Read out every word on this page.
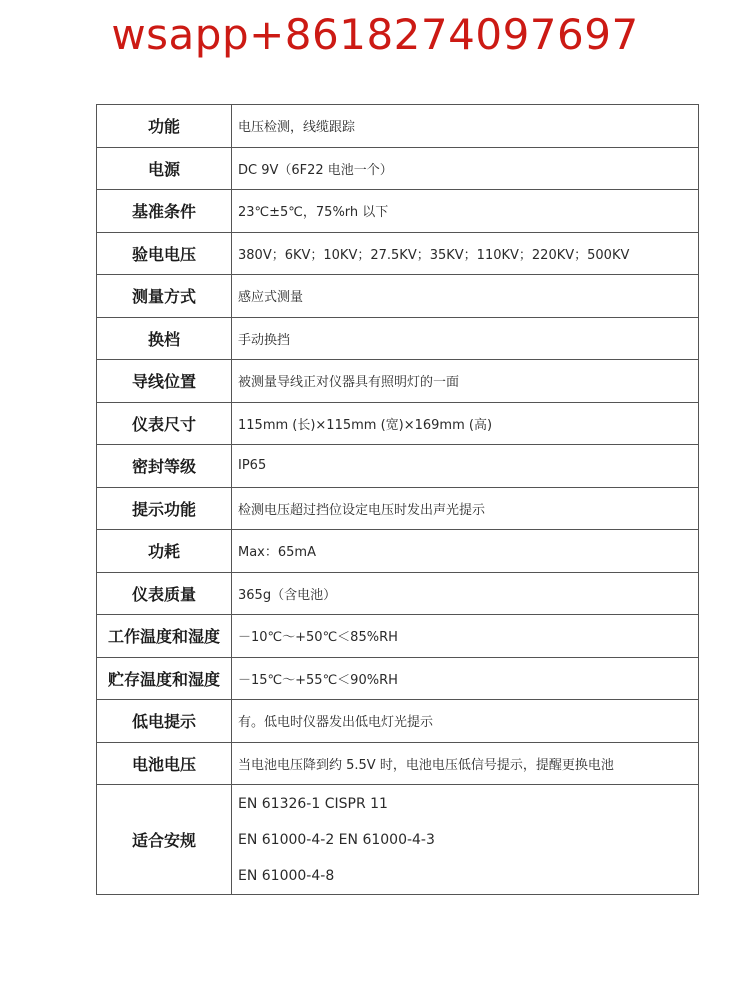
wsapp+8618274097697
功能	电压检测，线缆跟踪
电源	DC 9V（6F22 电池一个）
基准条件	23℃±5℃，75%rh 以下
验电电压	380V；6KV；10KV；27.5KV；35KV；110KV；220KV；500KV
测量方式	感应式测量
换档	手动换挡
导线位置	被测量导线正对仪器具有照明灯的一面
仪表尺寸	115mm (长)×115mm (宽)×169mm (高)
密封等级	IP65
提示功能	检测电压超过挡位设定电压时发出声光提示
功耗	Max：65mA
仪表质量	365g（含电池）
工作温度和湿度	－10℃～+50℃＜85%RH
贮存温度和湿度	－15℃～+55℃＜90%RH
低电提示	有。低电时仪器发出低电灯光提示
电池电压	当电池电压降到约 5.5V 时，电池电压低信号提示，提醒更换电池
适合安规	EN 61326-1 CISPR 11
EN 61000-4-2 EN 61000-4-3
EN 61000-4-8
